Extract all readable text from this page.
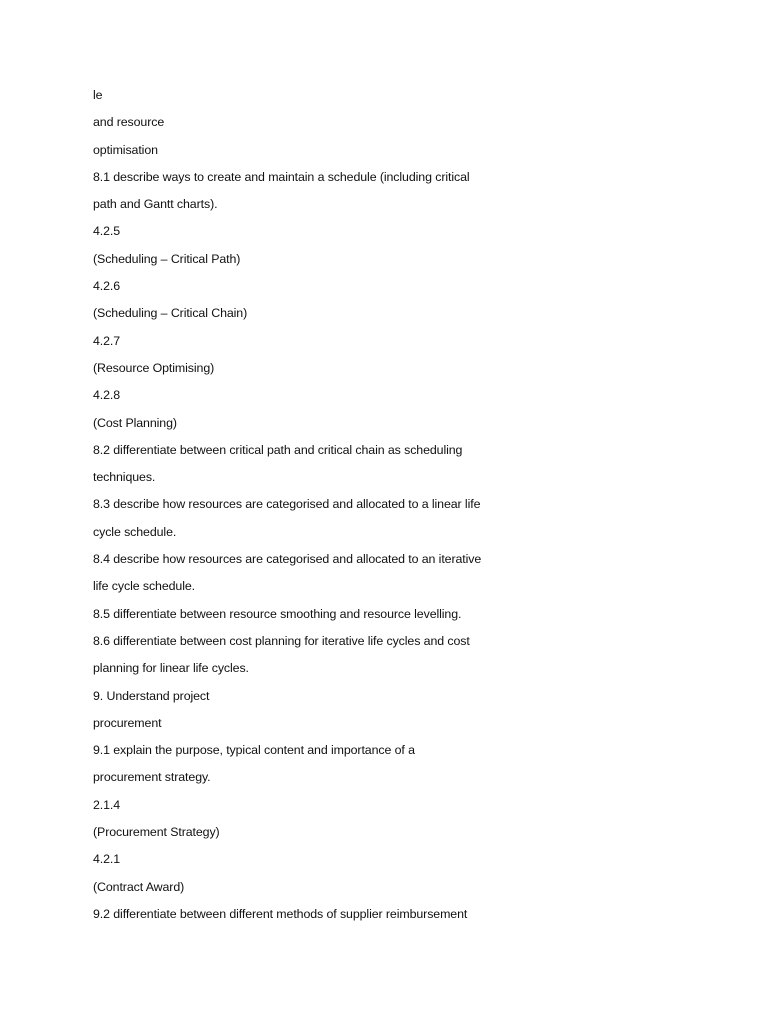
le
and resource
optimisation
8.1 describe ways to create and maintain a schedule (including critical
path and Gantt charts).
4.2.5
(Scheduling – Critical Path)
4.2.6
(Scheduling – Critical Chain)
4.2.7
(Resource Optimising)
4.2.8
(Cost Planning)
8.2 differentiate between critical path and critical chain as scheduling
techniques.
8.3 describe how resources are categorised and allocated to a linear life
cycle schedule.
8.4 describe how resources are categorised and allocated to an iterative
life cycle schedule.
8.5 differentiate between resource smoothing and resource levelling.
8.6 differentiate between cost planning for iterative life cycles and cost
planning for linear life cycles.
9. Understand project
procurement
9.1 explain the purpose, typical content and importance of a
procurement strategy.
2.1.4
(Procurement Strategy)
4.2.1
(Contract Award)
9.2 differentiate between different methods of supplier reimbursement
